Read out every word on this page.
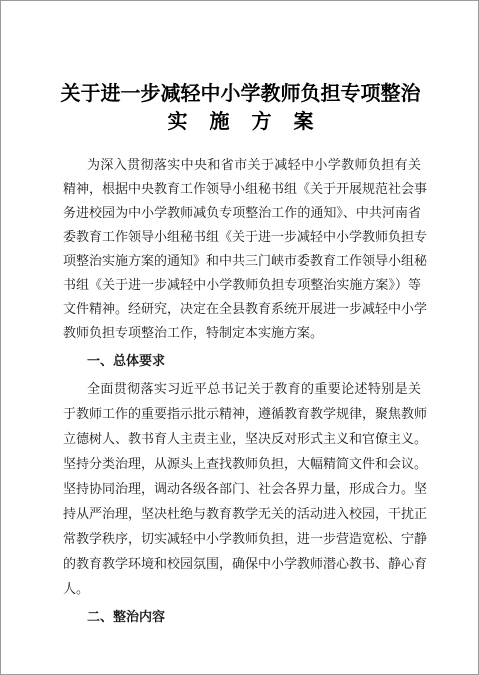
关于进一步减轻中小学教师负担专项整治
实施方案
为深入贯彻落实中央和省市关于减轻中小学教师负担有关
精神，根据中央教育工作领导小组秘书组《关于开展规范社会事
务进校园为中小学教师减负专项整治工作的通知》、中共河南省
委教育工作领导小组秘书组《关于进一步减轻中小学教师负担专
项整治实施方案的通知》和中共三门峡市委教育工作领导小组秘
书组《关于进一步减轻中小学教师负担专项整治实施方案》）等
文件精神。经研究，决定在全县教育系统开展进一步减轻中小学
教师负担专项整治工作，特制定本实施方案。
一、总体要求
全面贯彻落实习近平总书记关于教育的重要论述特别是关
于教师工作的重要指示批示精神，遵循教育教学规律，聚焦教师
立德树人、教书育人主责主业，坚决反对形式主义和官僚主义。
坚持分类治理，从源头上查找教师负担，大幅精简文件和会议。
坚持协同治理，调动各级各部门、社会各界力量，形成合力。坚
持从严治理，坚决杜绝与教育教学无关的活动进入校园，干扰正
常教学秩序，切实减轻中小学教师负担，进一步营造宽松、宁静
的教育教学环境和校园氛围，确保中小学教师潜心教书、静心育
人。
二、整治内容
